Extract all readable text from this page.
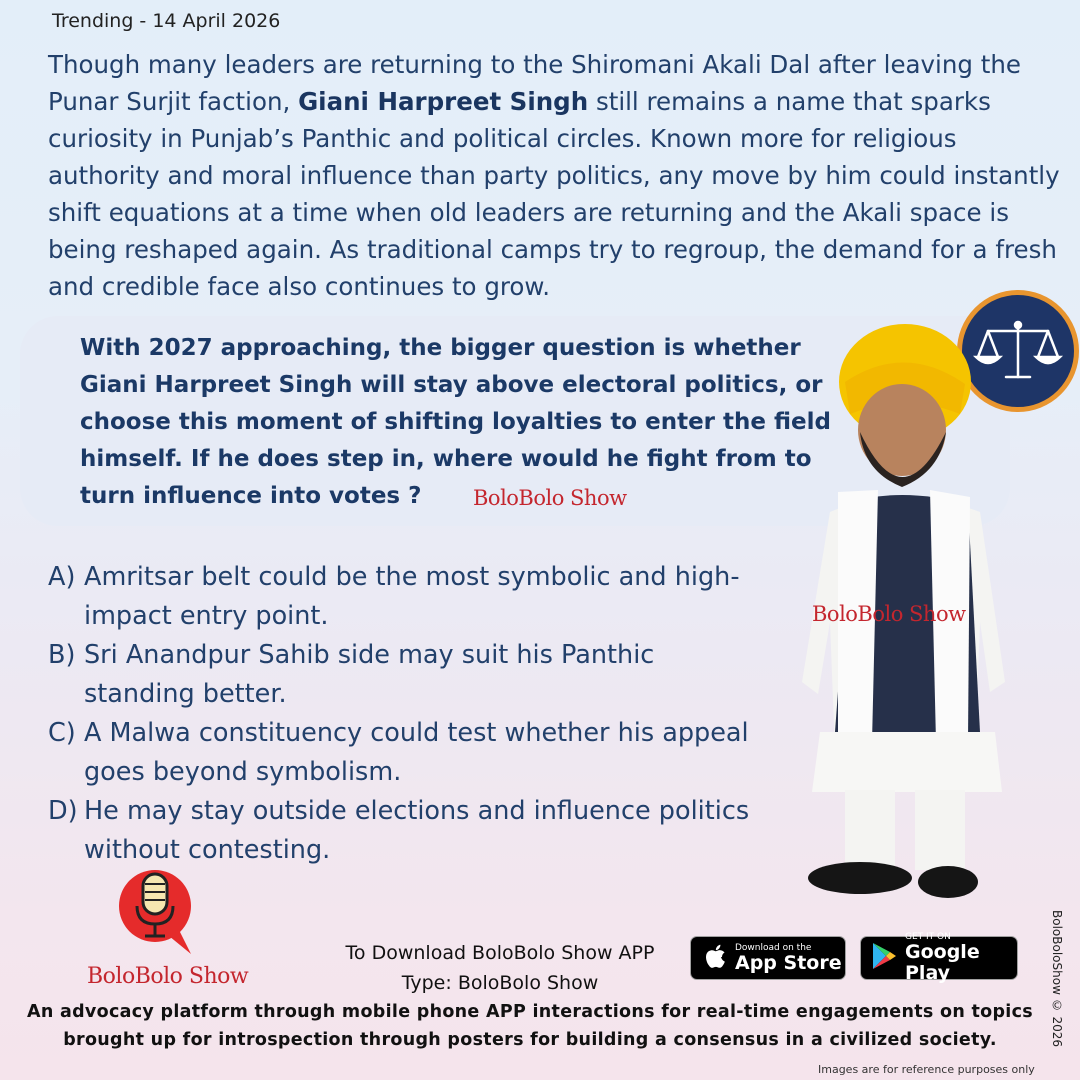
Trending - 14 April 2026
Though many leaders are returning to the Shiromani Akali Dal after leaving the Punar Surjit faction, Giani Harpreet Singh still remains a name that sparks curiosity in Punjab’s Panthic and political circles. Known more for religious authority and moral influence than party politics, any move by him could instantly shift equations at a time when old leaders are returning and the Akali space is being reshaped again. As traditional camps try to regroup, the demand for a fresh and credible face also continues to grow.
With 2027 approaching, the bigger question is whether Giani Harpreet Singh will stay above electoral politics, or choose this moment of shifting loyalties to enter the field himself. If he does step in, where would he fight from to turn influence into votes ?	BoloBolo Show
A) Amritsar belt could be the most symbolic and high-impact entry point.
B) Sri Anandpur Sahib side may suit his Panthic standing better.
C) A Malwa constituency could test whether his appeal goes beyond symbolism.
D) He may stay outside elections and influence politics without contesting.
BoloBolo Show
BoloBolo Show
To Download BoloBolo Show APP
Type: BoloBolo Show
Download on the
App Store
GET IT ON
Google Play
An advocacy platform through mobile phone APP interactions for real-time engagements on topics brought up for introspection through posters for building a consensus in a civilized society.	BoloBoloShow © 2026
Images are for reference purposes only
